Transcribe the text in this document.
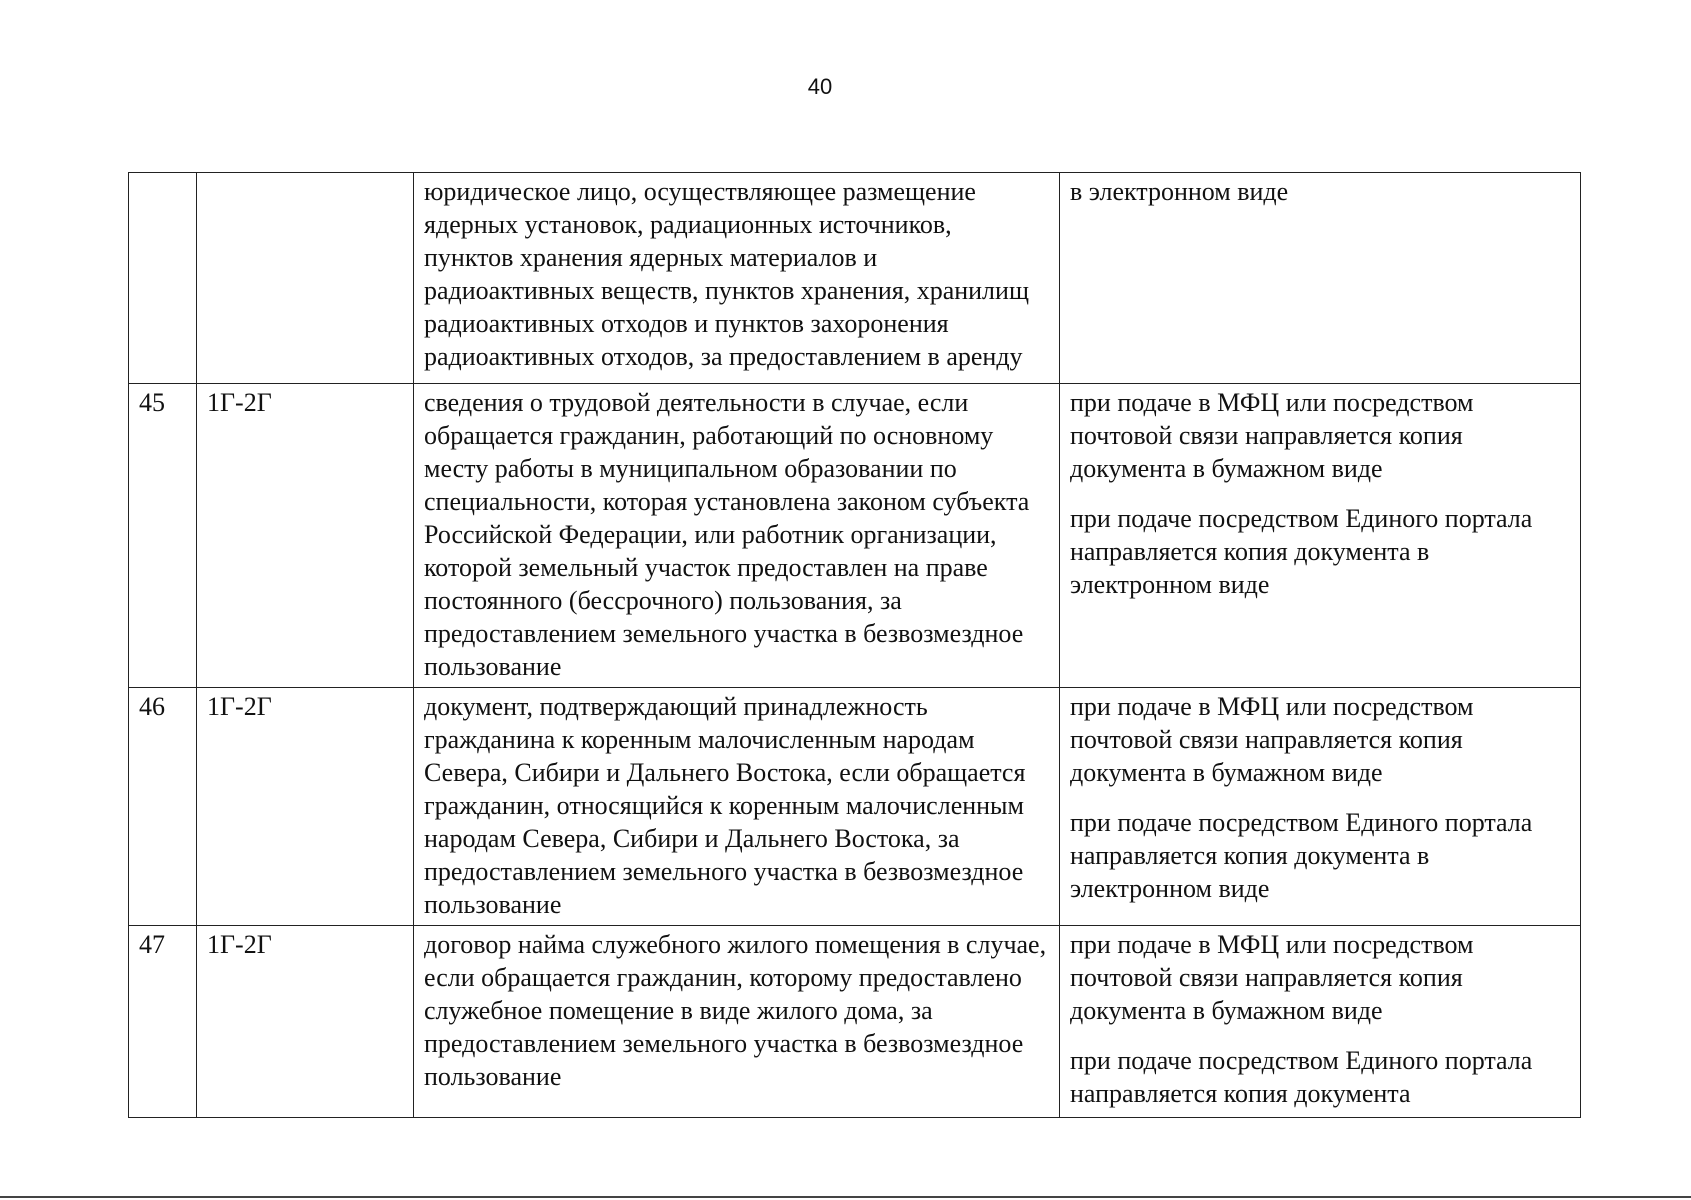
40
		юридическое лицо, осуществляющее размещение ядерных установок, радиационных источников, пунктов хранения ядерных материалов и радиоактивных веществ, пунктов хранения, хранилищ радиоактивных отходов и пунктов захоронения радиоактивных отходов, за предоставлением в аренду	в электронном виде

45	1Г-2Г	сведения о трудовой деятельности в случае, если обращается гражданин, работающий по основному месту работы в муниципальном образовании по специальности, которая установлена законом субъекта Российской Федерации, или работник организации, которой земельный участок предоставлен на праве постоянного (бессрочного) пользования, за предоставлением земельного участка в безвозмездное пользование	при подаче в МФЦ или посредством почтовой связи направляется копия документа в бумажном виде
при подаче посредством Единого портала направляется копия документа в электронном виде

46	1Г-2Г	документ, подтверждающий принадлежность гражданина к коренным малочисленным народам Севера, Сибири и Дальнего Востока, если обращается гражданин, относящийся к коренным малочисленным народам Севера, Сибири и Дальнего Востока, за предоставлением земельного участка в безвозмездное пользование	при подаче в МФЦ или посредством почтовой связи направляется копия документа в бумажном виде
при подаче посредством Единого портала направляется копия документа в электронном виде

47	1Г-2Г	договор найма служебного жилого помещения в случае, если обращается гражданин, которому предоставлено служебное помещение в виде жилого дома, за предоставлением земельного участка в безвозмездное пользование	при подаче в МФЦ или посредством почтовой связи направляется копия документа в бумажном виде
при подаче посредством Единого портала направляется копия документа
